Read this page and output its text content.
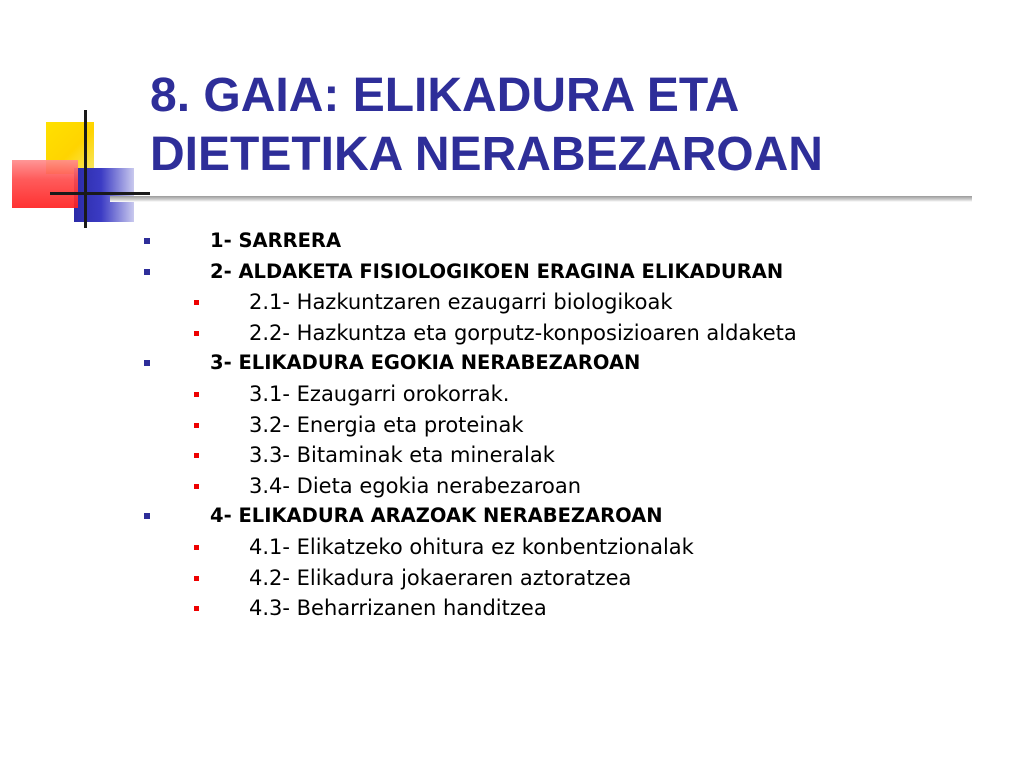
8. GAIA: ELIKADURA ETA
DIETETIKA NERABEZAROAN
1- SARRERA
2- ALDAKETA FISIOLOGIKOEN ERAGINA ELIKADURAN
2.1- Hazkuntzaren ezaugarri biologikoak
2.2- Hazkuntza eta gorputz-konposizioaren aldaketa
3- ELIKADURA EGOKIA NERABEZAROAN
3.1- Ezaugarri orokorrak.
3.2- Energia eta proteinak
3.3- Bitaminak eta mineralak
3.4- Dieta egokia nerabezaroan
4- ELIKADURA ARAZOAK NERABEZAROAN
4.1- Elikatzeko ohitura ez konbentzionalak
4.2- Elikadura jokaeraren aztoratzea
4.3- Beharrizanen handitzea
